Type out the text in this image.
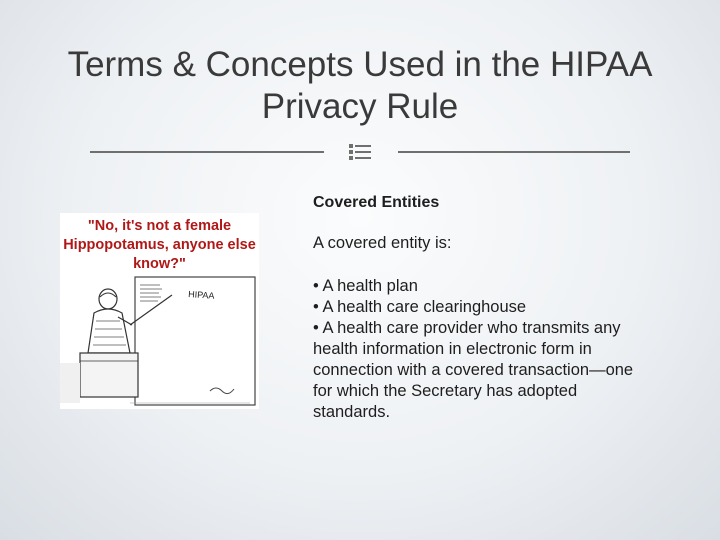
Terms & Concepts Used in the HIPAA Privacy Rule
HIPAA
"No, it's not a female Hippopotamus, anyone else know?"

Covered Entities

A covered entity is:

• A health plan
• A health care clearinghouse
• A health care provider who transmits any health information in electronic form in connection with a covered transaction—one for which the Secretary has adopted standards.
